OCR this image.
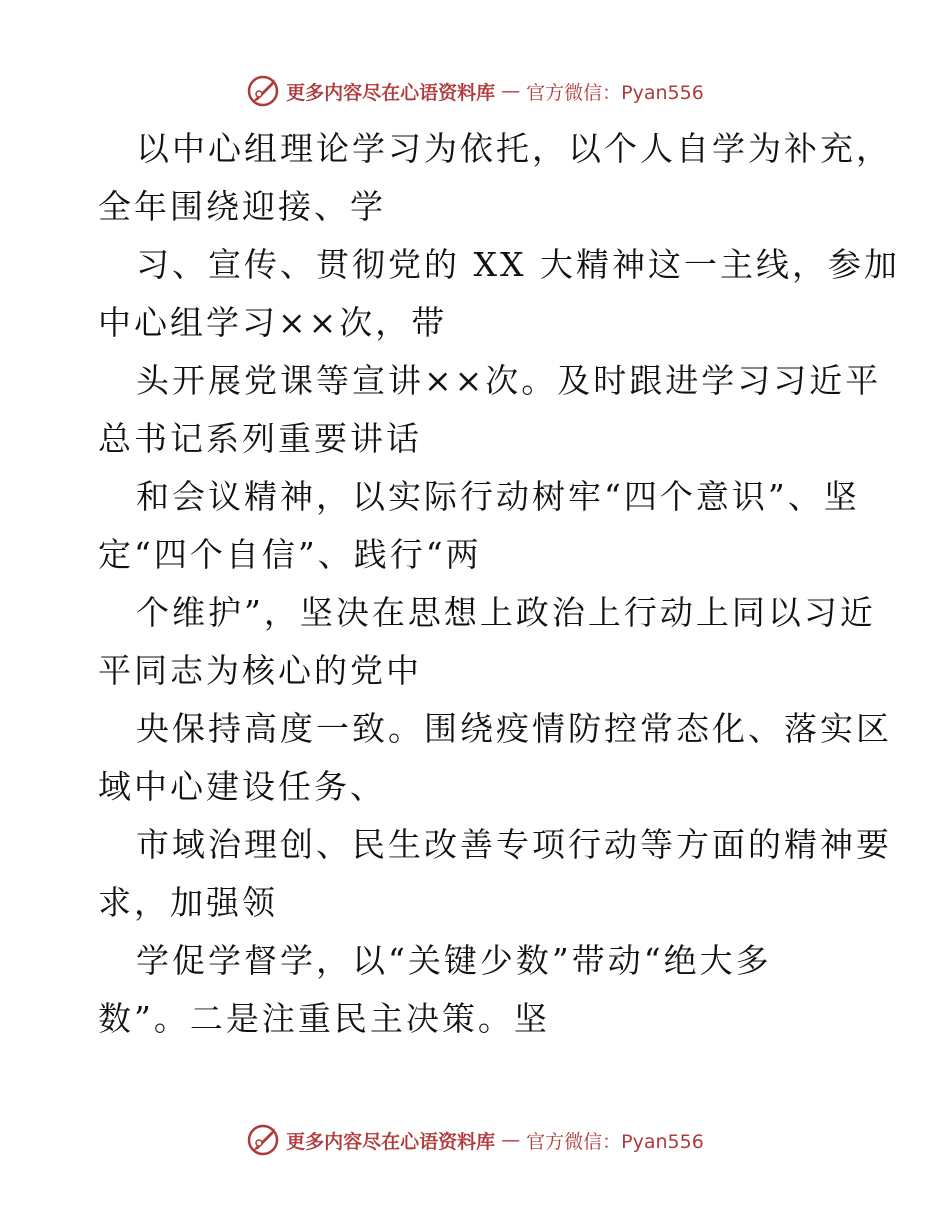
更多内容尽在心语资料库 — 官方微信：Pyan556

以中心组理论学习为依托，以个人自学为补充，
全年围绕迎接、学

习、宣传、贯彻党的 XX 大精神这一主线，参加
中心组学习××次，带

头开展党课等宣讲××次。及时跟进学习习近平
总书记系列重要讲话

和会议精神，以实际行动树牢“四个意识”、坚
定“四个自信”、践行“两

个维护”，坚决在思想上政治上行动上同以习近
平同志为核心的党中

央保持高度一致。围绕疫情防控常态化、落实区
域中心建设任务、

市域治理创、民生改善专项行动等方面的精神要
求，加强领

学促学督学，以“关键少数”带动“绝大多
数”。二是注重民主决策。坚

更多内容尽在心语资料库 — 官方微信：Pyan556
